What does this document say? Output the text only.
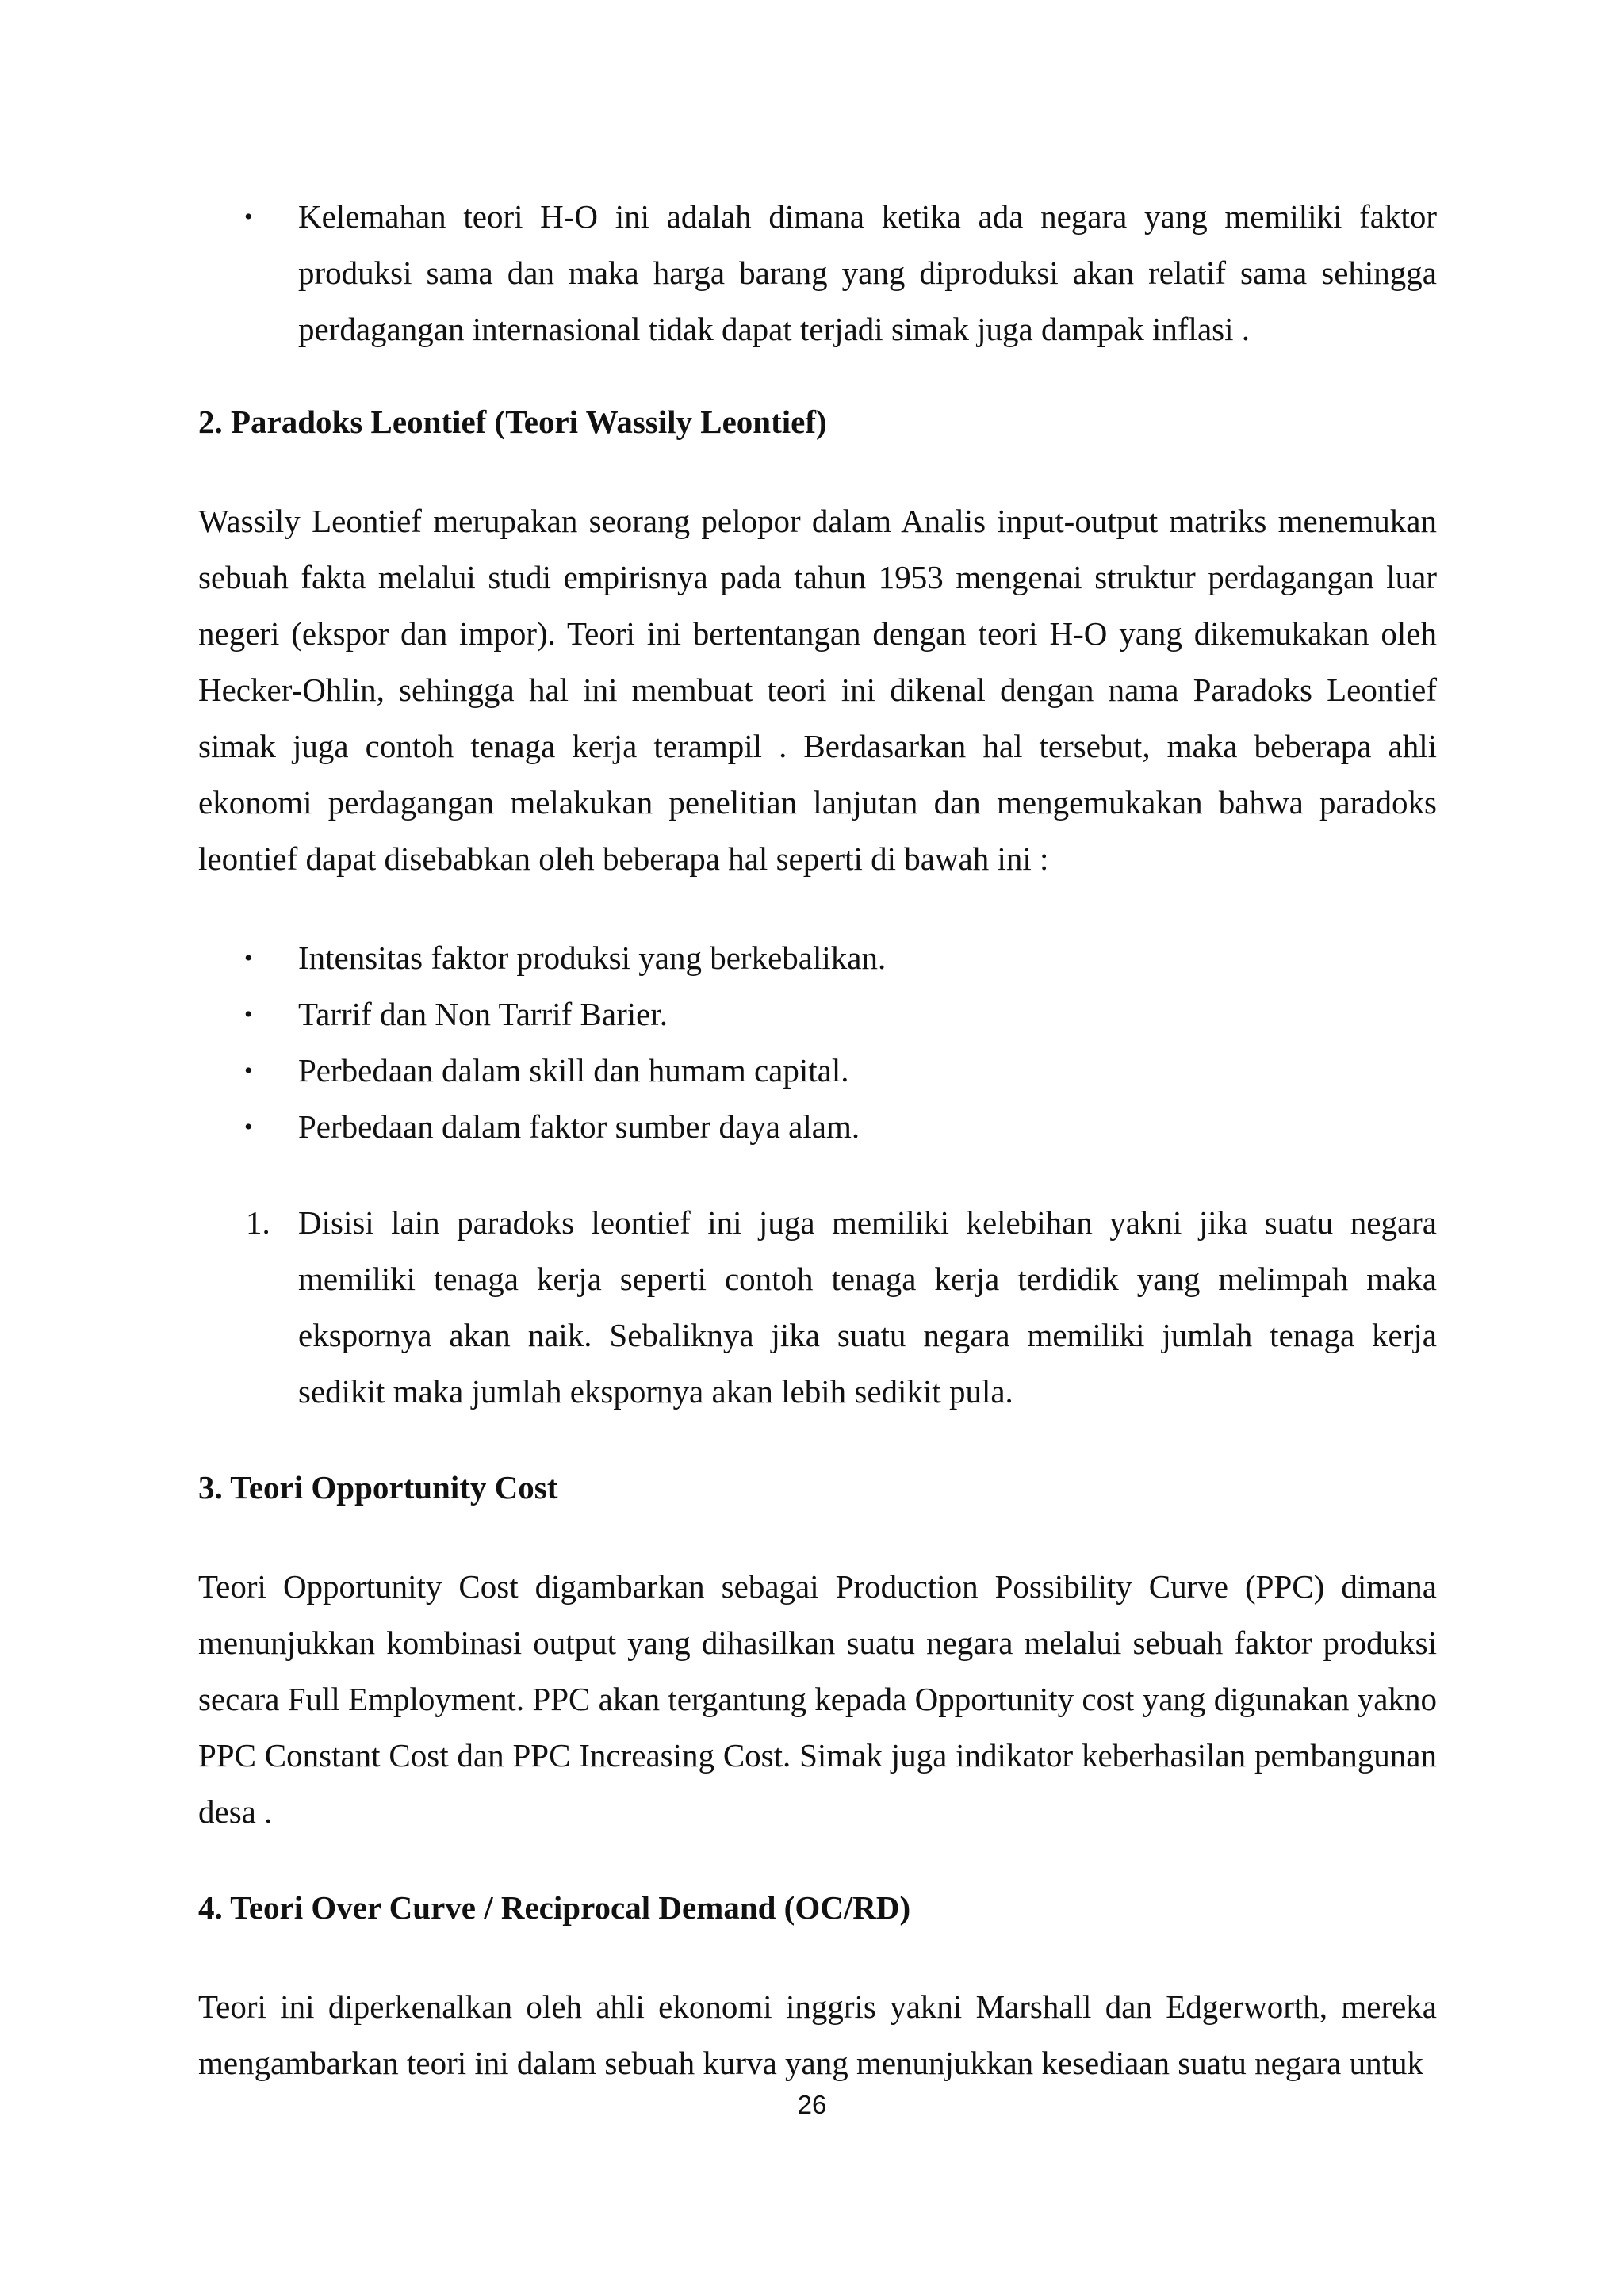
• Kelemahan teori H-O ini adalah dimana ketika ada negara yang memiliki faktor produksi sama dan maka harga barang yang diproduksi akan relatif sama sehingga perdagangan internasional tidak dapat terjadi simak juga dampak inflasi .
2. Paradoks Leontief (Teori Wassily Leontief)

Wassily Leontief merupakan seorang pelopor dalam Analis input-output matriks menemukan sebuah fakta melalui studi empirisnya pada tahun 1953 mengenai struktur perdagangan luar negeri (ekspor dan impor). Teori ini bertentangan dengan teori H-O yang dikemukakan oleh Hecker-Ohlin, sehingga hal ini membuat teori ini dikenal dengan nama Paradoks Leontief simak juga contoh tenaga kerja terampil . Berdasarkan hal tersebut, maka beberapa ahli ekonomi perdagangan melakukan penelitian lanjutan dan mengemukakan bahwa paradoks leontief dapat disebabkan oleh beberapa hal seperti di bawah ini :

• Intensitas faktor produksi yang berkebalikan.
• Tarrif dan Non Tarrif Barier.
• Perbedaan dalam skill dan humam capital.
• Perbedaan dalam faktor sumber daya alam.
1. Disisi lain paradoks leontief ini juga memiliki kelebihan yakni jika suatu negara memiliki tenaga kerja seperti contoh tenaga kerja terdidik yang melimpah maka ekspornya akan naik. Sebaliknya jika suatu negara memiliki jumlah tenaga kerja sedikit maka jumlah ekspornya akan lebih sedikit pula.
3. Teori Opportunity Cost

Teori Opportunity Cost digambarkan sebagai Production Possibility Curve (PPC) dimana menunjukkan kombinasi output yang dihasilkan suatu negara melalui sebuah faktor produksi secara Full Employment. PPC akan tergantung kepada Opportunity cost yang digunakan yakno PPC Constant Cost dan PPC Increasing Cost. Simak juga indikator keberhasilan pembangunan desa .

4. Teori Over Curve / Reciprocal Demand (OC/RD)

Teori ini diperkenalkan oleh ahli ekonomi inggris yakni Marshall dan Edgerworth, mereka mengambarkan teori ini dalam sebuah kurva yang menunjukkan kesediaan suatu negara untuk

26
